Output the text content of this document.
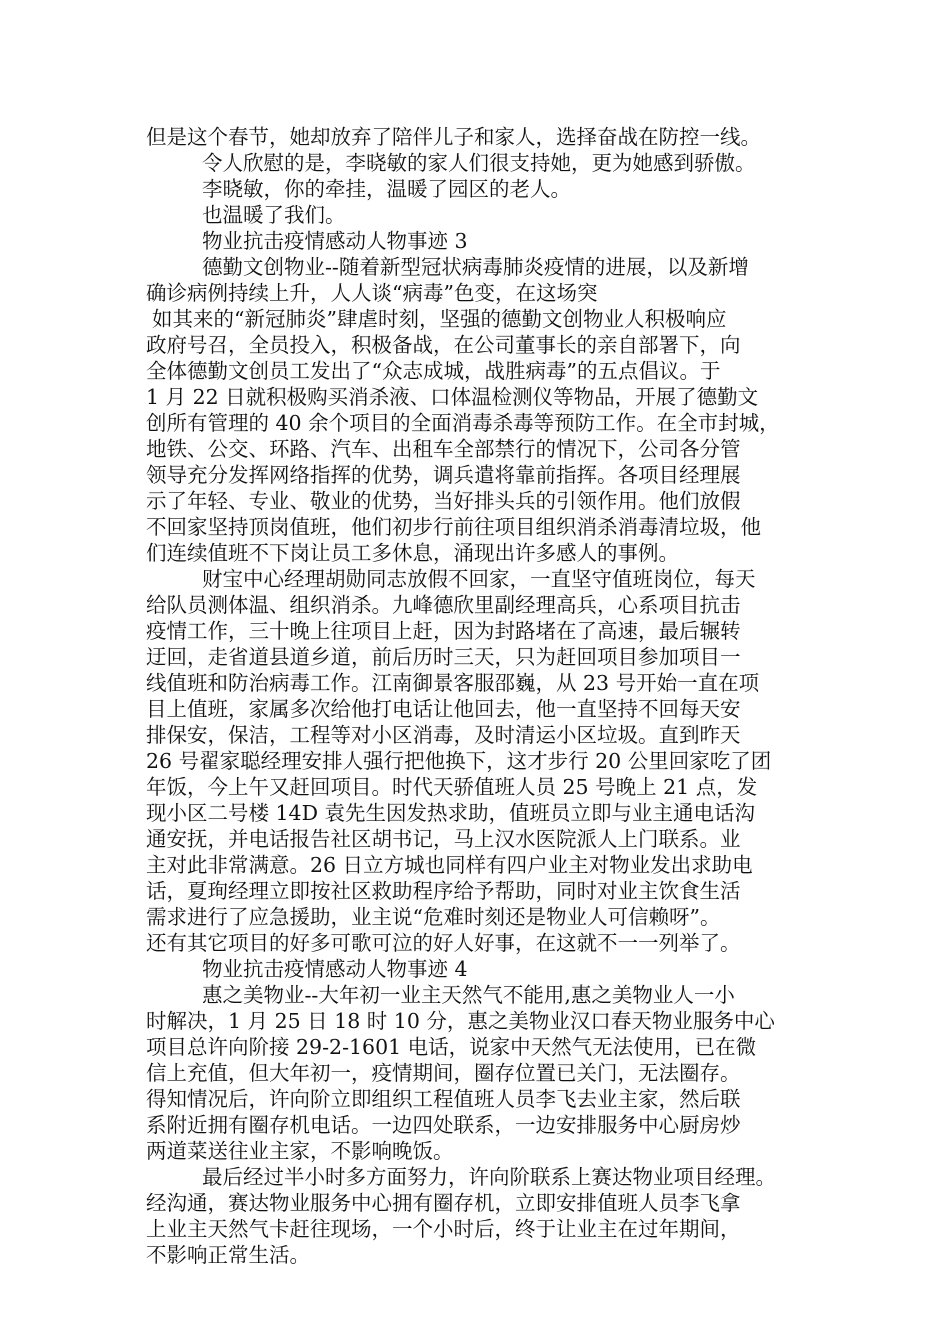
但是这个春节，她却放弃了陪伴儿子和家人，选择奋战在防控一线。
令人欣慰的是，李晓敏的家人们很支持她，更为她感到骄傲。
李晓敏，你的牵挂，温暖了园区的老人。
也温暖了我们。
物业抗击疫情感动人物事迹 3
德勤文创物业--随着新型冠状病毒肺炎疫情的进展，以及新增
确诊病例持续上升，人人谈“病毒”色变，在这场突
如其来的“新冠肺炎”肆虐时刻，坚强的德勤文创物业人积极响应
政府号召，全员投入，积极备战，在公司董事长的亲自部署下，向
全体德勤文创员工发出了“众志成城，战胜病毒”的五点倡议。于
1 月 22 日就积极购买消杀液、口体温检测仪等物品，开展了德勤文
创所有管理的 40 余个项目的全面消毒杀毒等预防工作。在全市封城，
地铁、公交、环路、汽车、出租车全部禁行的情况下，公司各分管
领导充分发挥网络指挥的优势，调兵遣将靠前指挥。各项目经理展
示了年轻、专业、敬业的优势，当好排头兵的引领作用。他们放假
不回家坚持顶岗值班，他们初步行前往项目组织消杀消毒清垃圾，他
们连续值班不下岗让员工多休息，涌现出许多感人的事例。
财宝中心经理胡勋同志放假不回家，一直坚守值班岗位，每天
给队员测体温、组织消杀。九峰德欣里副经理高兵，心系项目抗击
疫情工作，三十晚上往项目上赶，因为封路堵在了高速，最后辗转
迂回，走省道县道乡道，前后历时三天，只为赶回项目参加项目一
线值班和防治病毒工作。江南御景客服邵巍，从 23 号开始一直在项
目上值班，家属多次给他打电话让他回去，他一直坚持不回每天安
排保安，保洁，工程等对小区消毒，及时清运小区垃圾。直到昨天
26 号翟家聪经理安排人强行把他换下，这才步行 20 公里回家吃了团
年饭，今上午又赶回项目。时代天骄值班人员 25 号晚上 21 点，发
现小区二号楼 14D 袁先生因发热求助，值班员立即与业主通电话沟
通安抚，并电话报告社区胡书记，马上汉水医院派人上门联系。业
主对此非常满意。26 日立方城也同样有四户业主对物业发出求助电
话，夏珣经理立即按社区救助程序给予帮助，同时对业主饮食生活
需求进行了应急援助，业主说“危难时刻还是物业人可信赖呀”。
还有其它项目的好多可歌可泣的好人好事，在这就不一一列举了。
物业抗击疫情感动人物事迹 4
惠之美物业--大年初一业主天然气不能用,惠之美物业人一小
时解决，1 月 25 日 18 时 10 分，惠之美物业汉口春天物业服务中心
项目总许向阶接 29-2-1601 电话，说家中天然气无法使用，已在微
信上充值，但大年初一，疫情期间，圈存位置已关门，无法圈存。
得知情况后，许向阶立即组织工程值班人员李飞去业主家，然后联
系附近拥有圈存机电话。一边四处联系，一边安排服务中心厨房炒
两道菜送往业主家，不影响晚饭。
最后经过半小时多方面努力，许向阶联系上赛达物业项目经理。
经沟通，赛达物业服务中心拥有圈存机，立即安排值班人员李飞拿
上业主天然气卡赶往现场，一个小时后，终于让业主在过年期间，
不影响正常生活。
